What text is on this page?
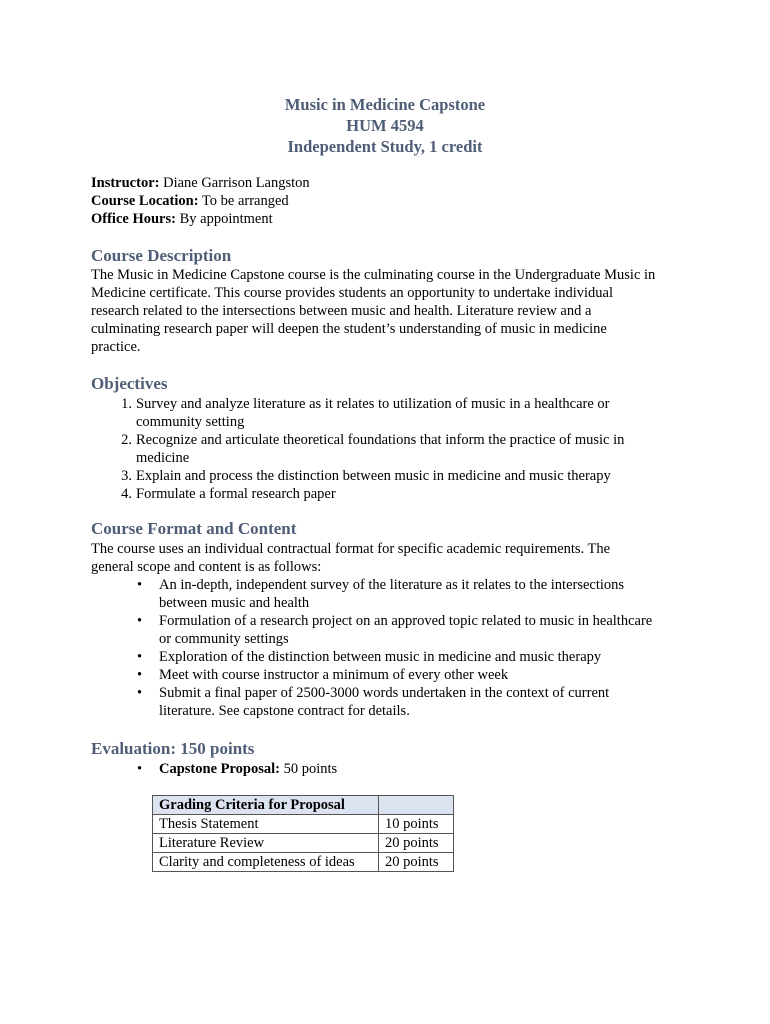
Music in Medicine Capstone
HUM 4594
Independent Study, 1 credit
Instructor: Diane Garrison Langston
Course Location: To be arranged
Office Hours: By appointment
Course Description
The Music in Medicine Capstone course is the culminating course in the Undergraduate Music in
Medicine certificate. This course provides students an opportunity to undertake individual
research related to the intersections between music and health. Literature review and a
culminating research paper will deepen the student’s understanding of music in medicine
practice.
Objectives
1. Survey and analyze literature as it relates to utilization of music in a healthcare or
community setting
2. Recognize and articulate theoretical foundations that inform the practice of music in
medicine
3. Explain and process the distinction between music in medicine and music therapy
4. Formulate a formal research paper
Course Format and Content
The course uses an individual contractual format for specific academic requirements. The
general scope and content is as follows:
• An in-depth, independent survey of the literature as it relates to the intersections
between music and health
• Formulation of a research project on an approved topic related to music in healthcare
or community settings
• Exploration of the distinction between music in medicine and music therapy
• Meet with course instructor a minimum of every other week
• Submit a final paper of 2500-3000 words undertaken in the context of current
literature. See capstone contract for details.
Evaluation: 150 points
• Capstone Proposal: 50 points
Grading Criteria for Proposal	
Thesis Statement	10 points
Literature Review	20 points
Clarity and completeness of ideas	20 points
